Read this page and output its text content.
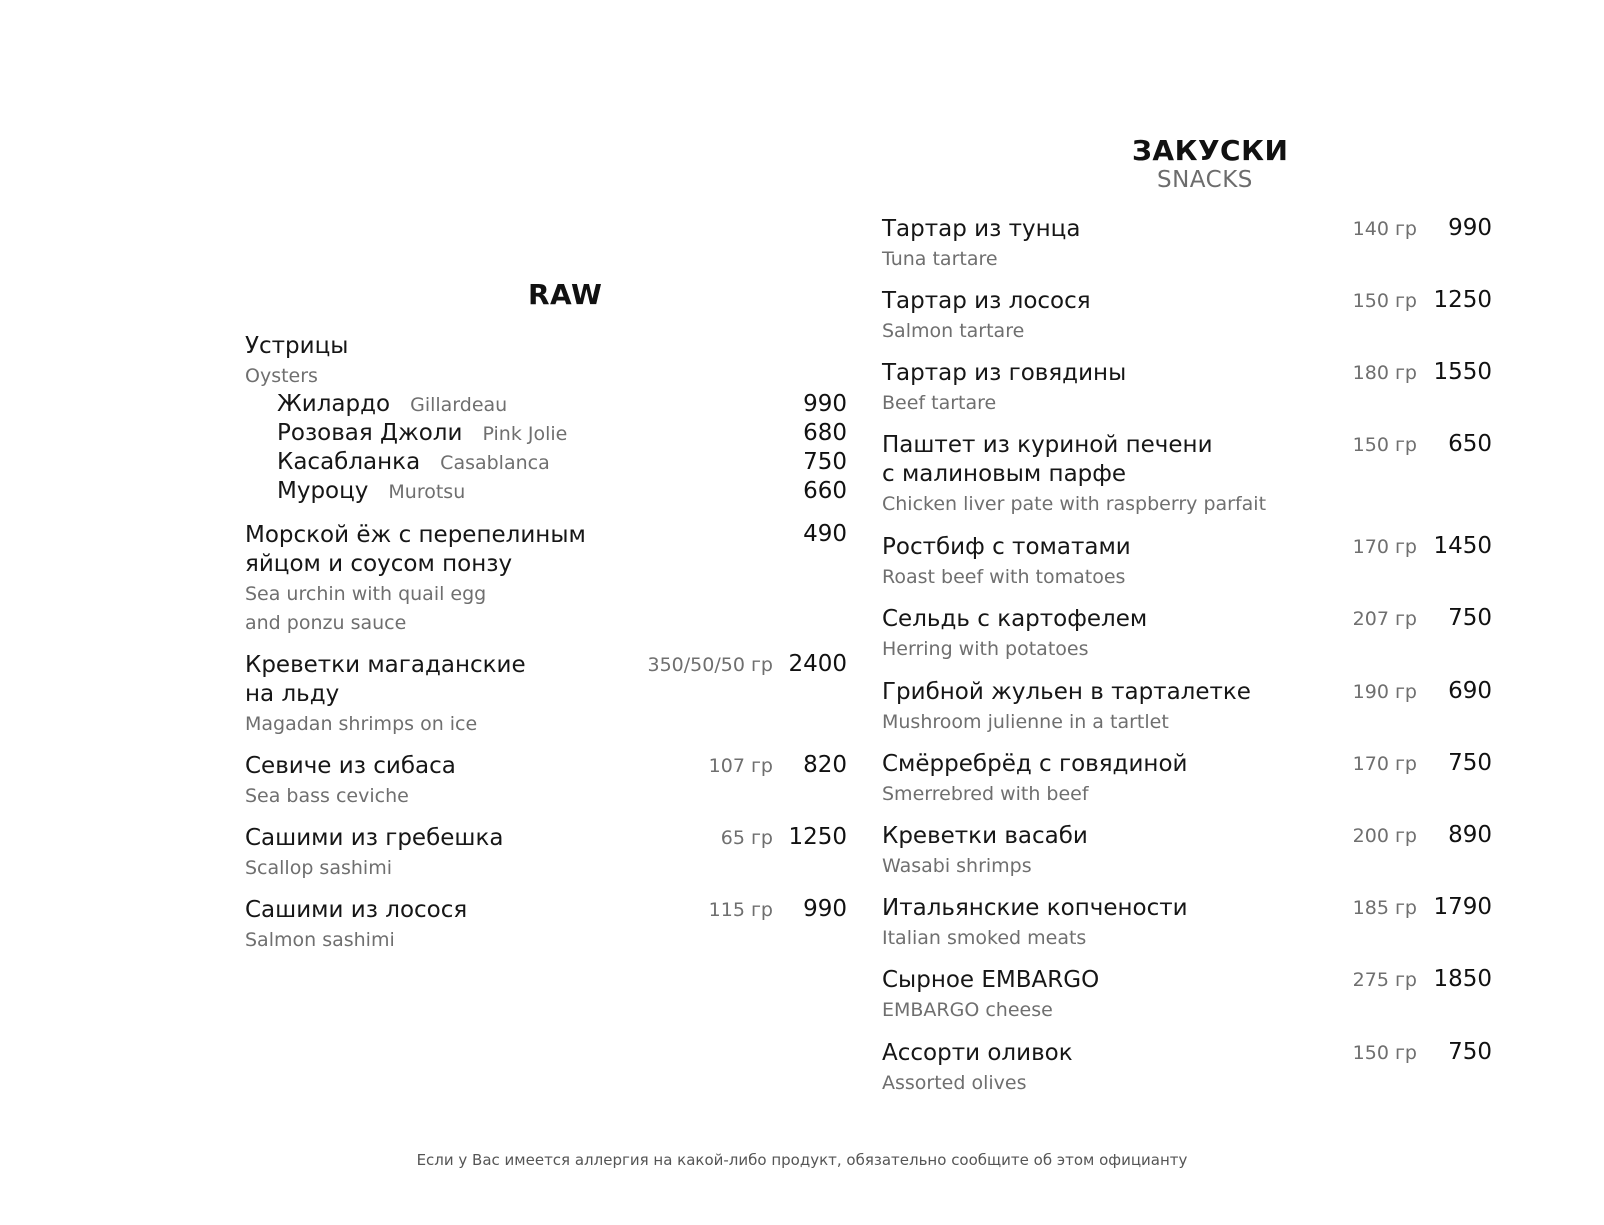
RAW
Устрицы
Oysters
Жилардо Gillardeau	990
Розовая Джоли Pink Jolie	680
Касабланка Casablanca	750
Муроцу Murotsu	660
Морской ёж с перепелиным
яйцом и соусом понзу
Sea urchin with quail egg
and ponzu sauce
490
Креветки магаданские
на льду
Magadan shrimps on ice
350/50/50 гр 2400
Севиче из сибаса
Sea bass ceviche
107 гр 820
Сашими из гребешка
Scallop sashimi
65 гр 1250
Сашими из лосося
Salmon sashimi
115 гр 990
ЗАКУСКИ
SNACKS
Тартар из тунца
Tuna tartare
140 гр 990
Тартар из лосося
Salmon tartare
150 гр 1250
Тартар из говядины
Beef tartare
180 гр 1550
Паштет из куриной печени
с малиновым парфе
Chicken liver pate with raspberry parfait
150 гр 650
Ростбиф с томатами
Roast beef with tomatoes
170 гр 1450
Сельдь с картофелем
Herring with potatoes
207 гр 750
Грибной жульен в тарталетке
Mushroom julienne in a tartlet
190 гр 690
Смёрребрёд с говядиной
Smerrebred with beef
170 гр 750
Креветки васаби
Wasabi shrimps
200 гр 890
Итальянские копчености
Italian smoked meats
185 гр 1790
Сырное EMBARGO
EMBARGO cheese
275 гр 1850
Ассорти оливок
Assorted olives
150 гр 750
Если у Вас имеется аллергия на какой-либо продукт, обязательно сообщите об этом официанту
